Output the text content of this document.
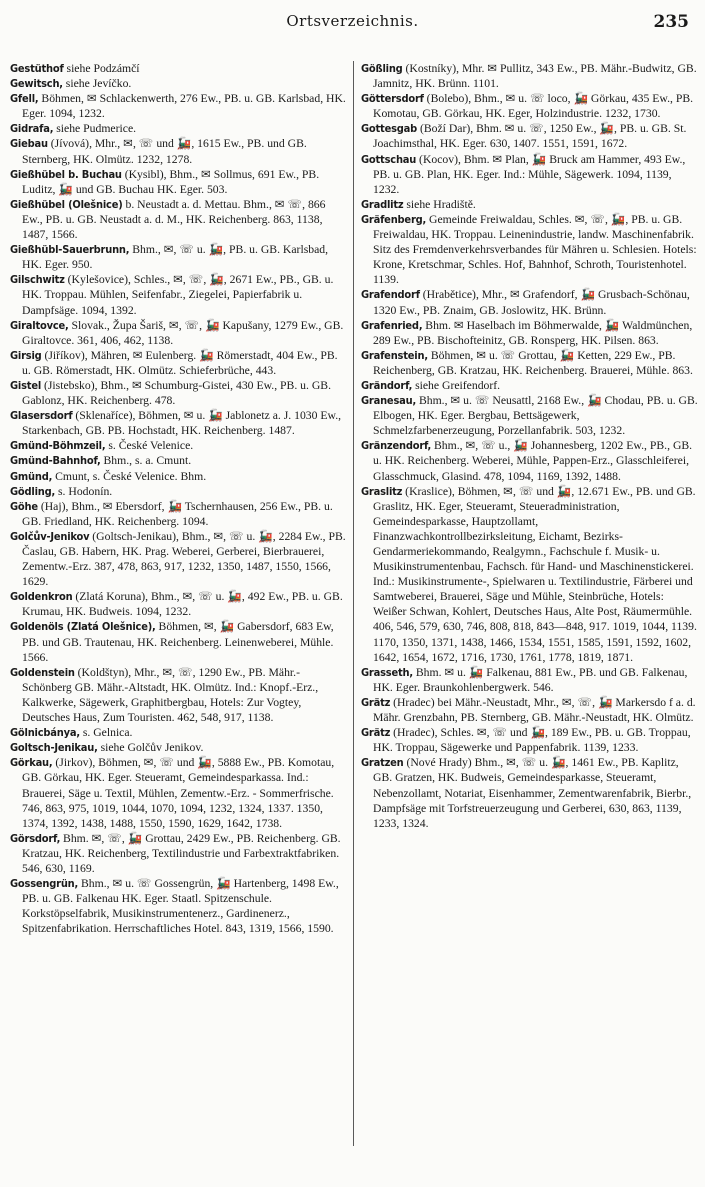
Ortsverzeichnis.	235
Gestüthof siehe Podzámčí
Gewitsch, siehe Jevíčko.
Gfell, Böhmen, ✉ Schlackenwerth, 276 Ew., PB. u. GB. Karlsbad, HK. Eger. 1094, 1232.
Gidrafa, siehe Pudmerice.
Giebau (Jívová), Mhr., ✉, ☏ und 🚂, 1615 Ew., PB. und GB. Sternberg, HK. Olmütz. 1232, 1278.
Gießhübel b. Buchau (Kysibl), Bhm., ✉ Sollmus, 691 Ew., PB. Luditz, 🚂 und GB. Buchau HK. Eger. 503.
Gießhübel (Olešnice) b. Neustadt a. d. Mettau. Bhm., ✉ ☏, 866 Ew., PB. u. GB. Neustadt a. d. M., HK. Reichenberg. 863, 1138, 1487, 1566.
Gießhübl-Sauerbrunn, Bhm., ✉, ☏ u. 🚂, PB. u. GB. Karlsbad, HK. Eger. 950.
Gilschwitz (Kylešovice), Schles., ✉, ☏, 🚂, 2671 Ew., PB., GB. u. HK. Troppau. Mühlen, Seifenfabr., Ziegelei, Papierfabrik u. Dampfsäge. 1094, 1392.
Giraltovce, Slovak., Župa Šariš, ✉, ☏, 🚂 Kapušany, 1279 Ew., GB. Giraltovce. 361, 406, 462, 1138.
Girsig (Jiříkov), Mähren, ✉ Eulenberg. 🚂 Römerstadt, 404 Ew., PB. u. GB. Römerstadt, HK. Olmütz. Schieferbrüche, 443.
Gistel (Jistebsko), Bhm., ✉ Schumburg-Gistei, 430 Ew., PB. u. GB. Gablonz, HK. Reichenberg. 478.
Glasersdorf (Sklenaříce), Böhmen, ✉ u. 🚂 Jablonetz a. J. 1030 Ew., Starkenbach, GB. PB. Hochstadt, HK. Reichenberg. 1487.
Gmünd-Böhmzeil, s. České Velenice.
Gmünd-Bahnhof, Bhm., s. a. Cmunt.
Gmünd, Cmunt, s. České Velenice. Bhm.
Gödling, s. Hodonín.
Göhe (Haj), Bhm., ✉ Ebersdorf, 🚂 Tschernhausen, 256 Ew., PB. u. GB. Friedland, HK. Reichenberg. 1094.
Golčův-Jenikov (Goltsch-Jenikau), Bhm., ✉, ☏ u. 🚂, 2284 Ew., PB. Časlau, GB. Habern, HK. Prag. Weberei, Gerberei, Bierbrauerei, Zementw.-Erz. 387, 478, 863, 917, 1232, 1350, 1487, 1550, 1566, 1629.
Goldenkron (Zlatá Koruna), Bhm., ✉, ☏ u. 🚂, 492 Ew., PB. u. GB. Krumau, HK. Budweis. 1094, 1232.
Goldenöls (Zlatá Olešnice), Böhmen, ✉, 🚂 Gabersdorf, 683 Ew, PB. und GB. Trautenau, HK. Reichenberg. Leinenweberei, Mühle. 1566.
Goldenstein (Koldštyn), Mhr., ✉, ☏, 1290 Ew., PB. Mähr.-Schönberg GB. Mähr.-Altstadt, HK. Olmütz. Ind.: Knopf.-Erz., Kalkwerke, Sägewerk, Graphitbergbau, Hotels: Zur Vogtey, Deutsches Haus, Zum Touristen. 462, 548, 917, 1138.
Gölnicbánya, s. Gelnica.
Goltsch-Jenikau, siehe Golčův Jenikov.
Görkau, (Jirkov), Böhmen, ✉, ☏ und 🚂, 5888 Ew., PB. Komotau, GB. Görkau, HK. Eger. Steueramt, Gemeindesparkassa. Ind.: Brauerei, Säge u. Textil, Mühlen, Zementw.-Erz. - Sommerfrische. 746, 863, 975, 1019, 1044, 1070, 1094, 1232, 1324, 1337. 1350, 1374, 1392, 1438, 1488, 1550, 1590, 1629, 1642, 1738.
Görsdorf, Bhm. ✉, ☏, 🚂 Grottau, 2429 Ew., PB. Reichenberg. GB. Kratzau, HK. Reichenberg, Textilindustrie und Farbextraktfabriken. 546, 630, 1169.
Gossengrün, Bhm., ✉ u. ☏ Gossengrün, 🚂 Hartenberg, 1498 Ew., PB. u. GB. Falkenau HK. Eger. Staatl. Spitzenschule. Korkstöpselfabrik, Musikinstrumentenerz., Gardinenerz., Spitzenfabrikation. Herrschaftliches Hotel. 843, 1319, 1566, 1590.
Gößling (Kostníky), Mhr. ✉ Pullitz, 343 Ew., PB. Mähr.-Budwitz, GB. Jamnitz, HK. Brünn. 1101.
Göttersdorf (Bolebo), Bhm., ✉ u. ☏ loco, 🚂 Görkau, 435 Ew., PB. Komotau, GB. Görkau, HK. Eger, Holzindustrie. 1232, 1730.
Gottesgab (Boží Dar), Bhm. ✉ u. ☏, 1250 Ew., 🚂, PB. u. GB. St. Joachimsthal, HK. Eger. 630, 1407. 1551, 1591, 1672.
Gottschau (Kocov), Bhm. ✉ Plan, 🚂 Bruck am Hammer, 493 Ew., PB. u. GB. Plan, HK. Eger. Ind.: Mühle, Sägewerk. 1094, 1139, 1232.
Gradlitz siehe Hradiště.
Gräfenberg, Gemeinde Freiwaldau, Schles. ✉, ☏, 🚂, PB. u. GB. Freiwaldau, HK. Troppau. Leinenindustrie, landw. Maschinenfabrik. Sitz des Fremdenverkehrsverbandes für Mähren u. Schlesien. Hotels: Krone, Kretschmar, Schles. Hof, Bahnhof, Schroth, Touristenhotel. 1139.
Grafendorf (Hrabětice), Mhr., ✉ Grafendorf, 🚂 Grusbach-Schönau, 1320 Ew., PB. Znaim, GB. Joslowitz, HK. Brünn.
Grafenried, Bhm. ✉ Haselbach im Böhmerwalde, 🚂 Waldmünchen, 289 Ew., PB. Bischofteinitz, GB. Ronsperg, HK. Pilsen. 863.
Grafenstein, Böhmen, ✉ u. ☏ Grottau, 🚂 Ketten, 229 Ew., PB. Reichenberg, GB. Kratzau, HK. Reichenberg. Brauerei, Mühle. 863.
Grändorf, siehe Greifendorf.
Granesau, Bhm., ✉ u. ☏ Neusattl, 2168 Ew., 🚂 Chodau, PB. u. GB. Elbogen, HK. Eger. Bergbau, Bettsägewerk, Schmelzfarbenerzeugung, Porzellanfabrik. 503, 1232.
Gränzendorf, Bhm., ✉, ☏ u., 🚂 Johannesberg, 1202 Ew., PB., GB. u. HK. Reichenberg. Weberei, Mühle, Pappen-Erz., Glasschleiferei, Glasschmuck, Glasind. 478, 1094, 1169, 1392, 1488.
Graslitz (Kraslice), Böhmen, ✉, ☏ und 🚂, 12.671 Ew., PB. und GB. Graslitz, HK. Eger, Steueramt, Steueradministration, Gemeindesparkasse, Hauptzollamt, Finanzwachkontrollbezirksleitung, Eichamt, Bezirks-Gendarmeriekommando, Realgymn., Fachschule f. Musik- u. Musikinstrumentenbau, Fachsch. für Hand- und Maschinenstickerei. Ind.: Musikinstrumente-, Spielwaren u. Textilindustrie, Färberei und Samtweberei, Brauerei, Säge und Mühle, Steinbrüche, Hotels: Weißer Schwan, Kohlert, Deutsches Haus, Alte Post, Räumermühle. 406, 546, 579, 630, 746, 808, 818, 843—848, 917. 1019, 1044, 1139. 1170, 1350, 1371, 1438, 1466, 1534, 1551, 1585, 1591, 1592, 1602, 1642, 1654, 1672, 1716, 1730, 1761, 1778, 1819, 1871.
Grasseth, Bhm. ✉ u. 🚂 Falkenau, 881 Ew., PB. und GB. Falkenau, HK. Eger. Braunkohlenbergwerk. 546.
Grätz (Hradec) bei Mähr.-Neustadt, Mhr., ✉, ☏, 🚂 Markersdo f a. d. Mähr. Grenzbahn, PB. Sternberg, GB. Mähr.-Neustadt, HK. Olmütz.
Grätz (Hradec), Schles. ✉, ☏ und 🚂, 189 Ew., PB. u. GB. Troppau, HK. Troppau, Sägewerke und Pappenfabrik. 1139, 1233.
Gratzen (Nové Hrady) Bhm., ✉, ☏ u. 🚂, 1461 Ew., PB. Kaplitz, GB. Gratzen, HK. Budweis, Gemeindesparkasse, Steueramt, Nebenzollamt, Notariat, Eisenhammer, Zementwarenfabrik, Bierbr., Dampfsäge mit Torfstreuerzeugung und Gerberei, 630, 863, 1139, 1233, 1324.
